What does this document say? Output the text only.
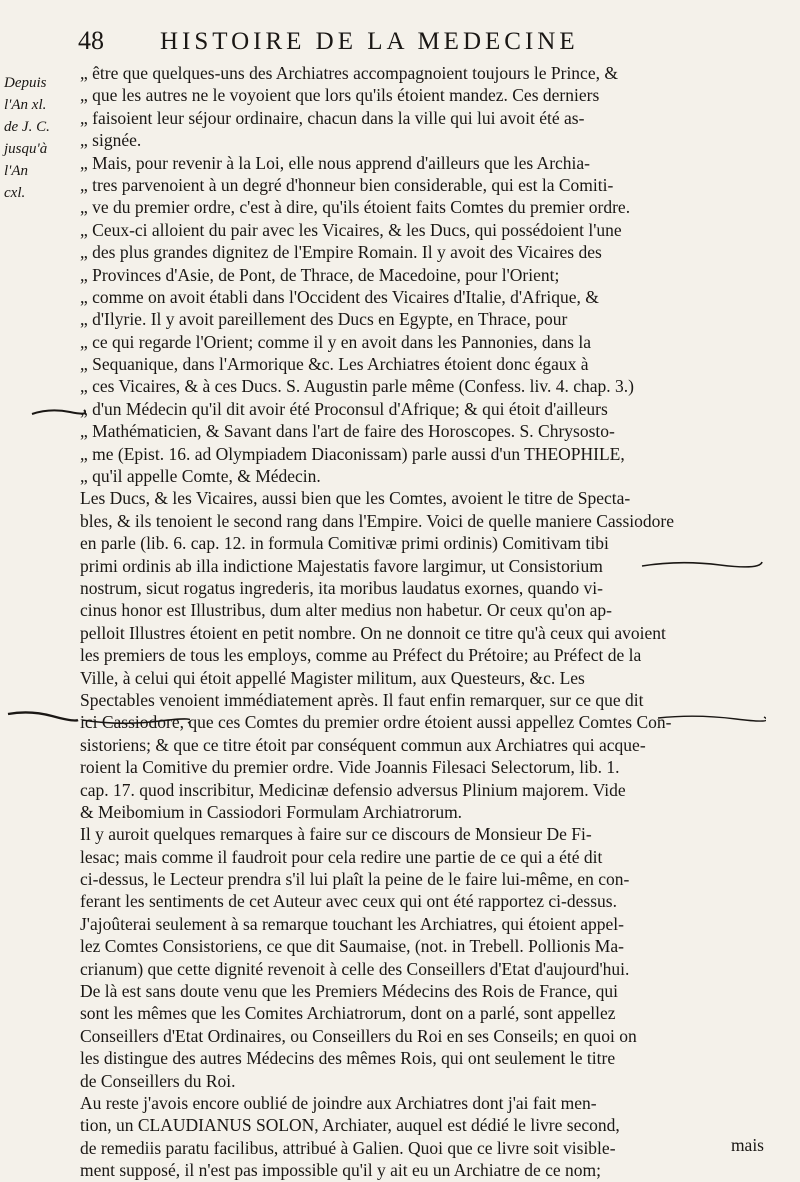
48 HISTOIRE DE LA MEDECINE
Depuis
l'An xl.
de J. C.
jusqu'à
l'An
cxl.
„ être que quelques-uns des Archiatres accompagnoient toujours le Prince, &
„ que les autres ne le voyoient que lors qu'ils étoient mandez. Ces derniers
„ faisoient leur séjour ordinaire, chacun dans la ville qui lui avoit été as-
„ signée.
„ Mais, pour revenir à la Loi, elle nous apprend d'ailleurs que les Archia-
„ tres parvenoient à un degré d'honneur bien considerable, qui est la Comiti-
„ ve du premier ordre, c'est à dire, qu'ils étoient faits Comtes du premier ordre.
„ Ceux-ci alloient du pair avec les Vicaires, & les Ducs, qui possédoient l'une
„ des plus grandes dignitez de l'Empire Romain. Il y avoit des Vicaires des
„ Provinces d'Asie, de Pont, de Thrace, de Macedoine, pour l'Orient;
„ comme on avoit établi dans l'Occident des Vicaires d'Italie, d'Afrique, &
„ d'Ilyrie. Il y avoit pareillement des Ducs en Egypte, en Thrace, pour
„ ce qui regarde l'Orient; comme il y en avoit dans les Pannonies, dans la
„ Sequanique, dans l'Armorique &c. Les Archiatres étoient donc égaux à
„ ces Vicaires, & à ces Ducs. S. Augustin parle même (Confess. liv. 4. chap. 3.)
„ d'un Médecin qu'il dit avoir été Proconsul d'Afrique; & qui étoit d'ailleurs
„ Mathématicien, & Savant dans l'art de faire des Horoscopes. S. Chrysosto-
„ me (Epist. 16. ad Olympiadem Diaconissam) parle aussi d'un THEOPHILE,
„ qu'il appelle Comte, & Médecin.
Les Ducs, & les Vicaires, aussi bien que les Comtes, avoient le titre de Specta-
bles, & ils tenoient le second rang dans l'Empire. Voici de quelle maniere Cassiodore
en parle (lib. 6. cap. 12. in formula Comitivæ primi ordinis) Comitivam tibi
primi ordinis ab illa indictione Majestatis favore largimur, ut Consistorium
nostrum, sicut rogatus ingrederis, ita moribus laudatus exornes, quando vi-
cinus honor est Illustribus, dum alter medius non habetur. Or ceux qu'on ap-
pelloit Illustres étoient en petit nombre. On ne donnoit ce titre qu'à ceux qui avoient
les premiers de tous les employs, comme au Préfect du Prétoire; au Préfect de la
Ville, à celui qui étoit appellé Magister militum, aux Questeurs, &c. Les
Spectables venoient immédiatement après. Il faut enfin remarquer, sur ce que dit
ici Cassiodore, que ces Comtes du premier ordre étoient aussi appellez Comtes Con-
sistoriens; & que ce titre étoit par conséquent commun aux Archiatres qui acque-
roient la Comitive du premier ordre. Vide Joannis Filesaci Selectorum, lib. 1.
cap. 17. quod inscribitur, Medicinæ defensio adversus Plinium majorem. Vide
& Meibomium in Cassiodori Formulam Archiatrorum.
Il y auroit quelques remarques à faire sur ce discours de Monsieur De Fi-
lesac; mais comme il faudroit pour cela redire une partie de ce qui a été dit
ci-dessus, le Lecteur prendra s'il lui plaît la peine de le faire lui-même, en con-
ferant les sentiments de cet Auteur avec ceux qui ont été rapportez ci-dessus.
J'ajoûterai seulement à sa remarque touchant les Archiatres, qui étoient appel-
lez Comtes Consistoriens, ce que dit Saumaise, (not. in Trebell. Pollionis Ma-
crianum) que cette dignité revenoit à celle des Conseillers d'Etat d'aujourd'hui.
De là est sans doute venu que les Premiers Médecins des Rois de France, qui
sont les mêmes que les Comites Archiatrorum, dont on a parlé, sont appellez
Conseillers d'Etat Ordinaires, ou Conseillers du Roi en ses Conseils; en quoi on
les distingue des autres Médecins des mêmes Rois, qui ont seulement le titre
de Conseillers du Roi.
Au reste j'avois encore oublié de joindre aux Archiatres dont j'ai fait men-
tion, un CLAUDIANUS SOLON, Archiater, auquel est dédié le livre second,
de remediis paratu facilibus, attribué à Galien. Quoi que ce livre soit visible-
ment supposé, il n'est pas impossible qu'il y ait eu un Archiatre de ce nom;
mais
